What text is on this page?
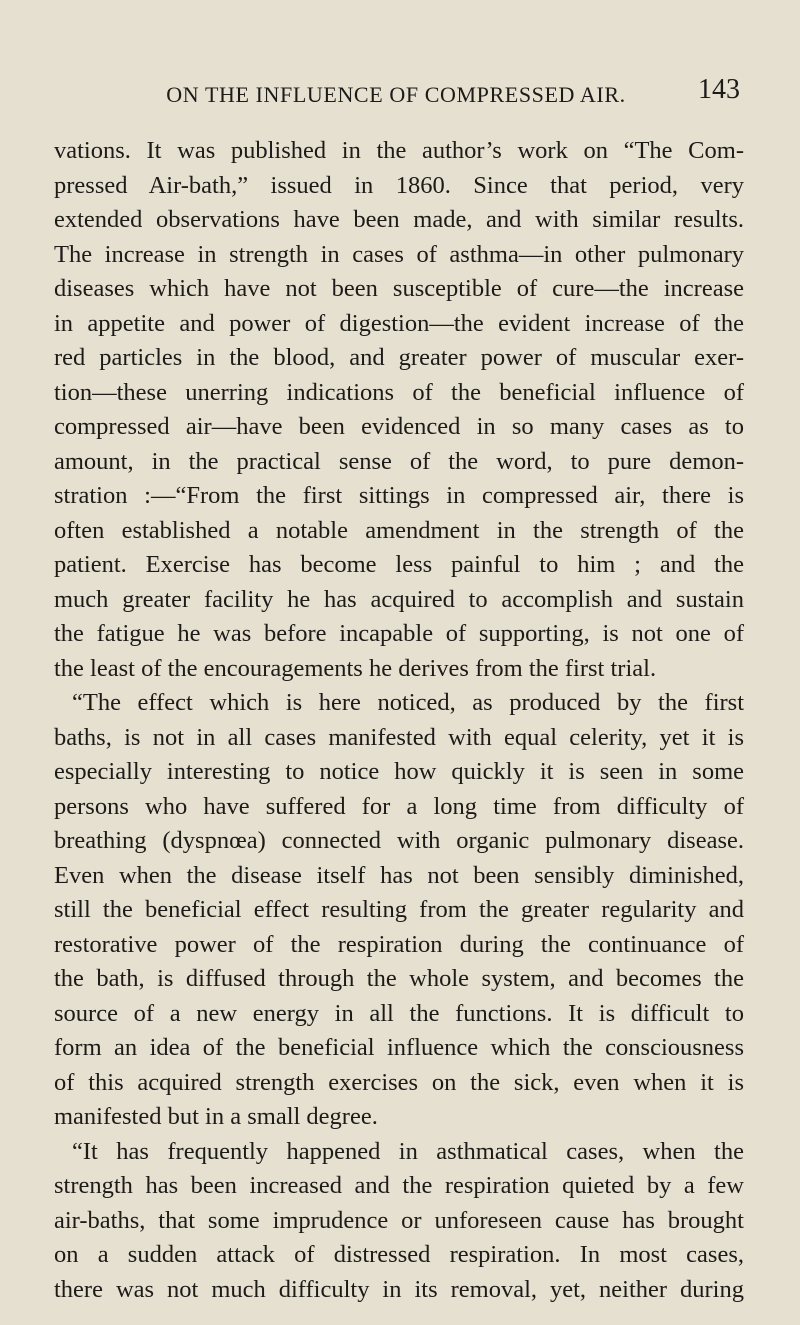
ON THE INFLUENCE OF COMPRESSED AIR.	143
vations. It was published in the author’s work on “The Com-
pressed Air-bath,” issued in 1860. Since that period, very
extended observations have been made, and with similar results.
The increase in strength in cases of asthma—in other pulmonary
diseases which have not been susceptible of cure—the increase
in appetite and power of digestion—the evident increase of the
red particles in the blood, and greater power of muscular exer-
tion—these unerring indications of the beneficial influence of
compressed air—have been evidenced in so many cases as to
amount, in the practical sense of the word, to pure demon-
stration :—“From the first sittings in compressed air, there is
often established a notable amendment in the strength of the
patient. Exercise has become less painful to him ; and the
much greater facility he has acquired to accomplish and sustain
the fatigue he was before incapable of supporting, is not one of
the least of the encouragements he derives from the first trial.
“The effect which is here noticed, as produced by the first
baths, is not in all cases manifested with equal celerity, yet it is
especially interesting to notice how quickly it is seen in some
persons who have suffered for a long time from difficulty of
breathing (dyspnœa) connected with organic pulmonary disease.
Even when the disease itself has not been sensibly diminished,
still the beneficial effect resulting from the greater regularity and
restorative power of the respiration during the continuance of
the bath, is diffused through the whole system, and becomes the
source of a new energy in all the functions. It is difficult to
form an idea of the beneficial influence which the consciousness
of this acquired strength exercises on the sick, even when it is
manifested but in a small degree.
“It has frequently happened in asthmatical cases, when the
strength has been increased and the respiration quieted by a few
air-baths, that some imprudence or unforeseen cause has brought
on a sudden attack of distressed respiration. In most cases,
there was not much difficulty in its removal, yet, neither during
